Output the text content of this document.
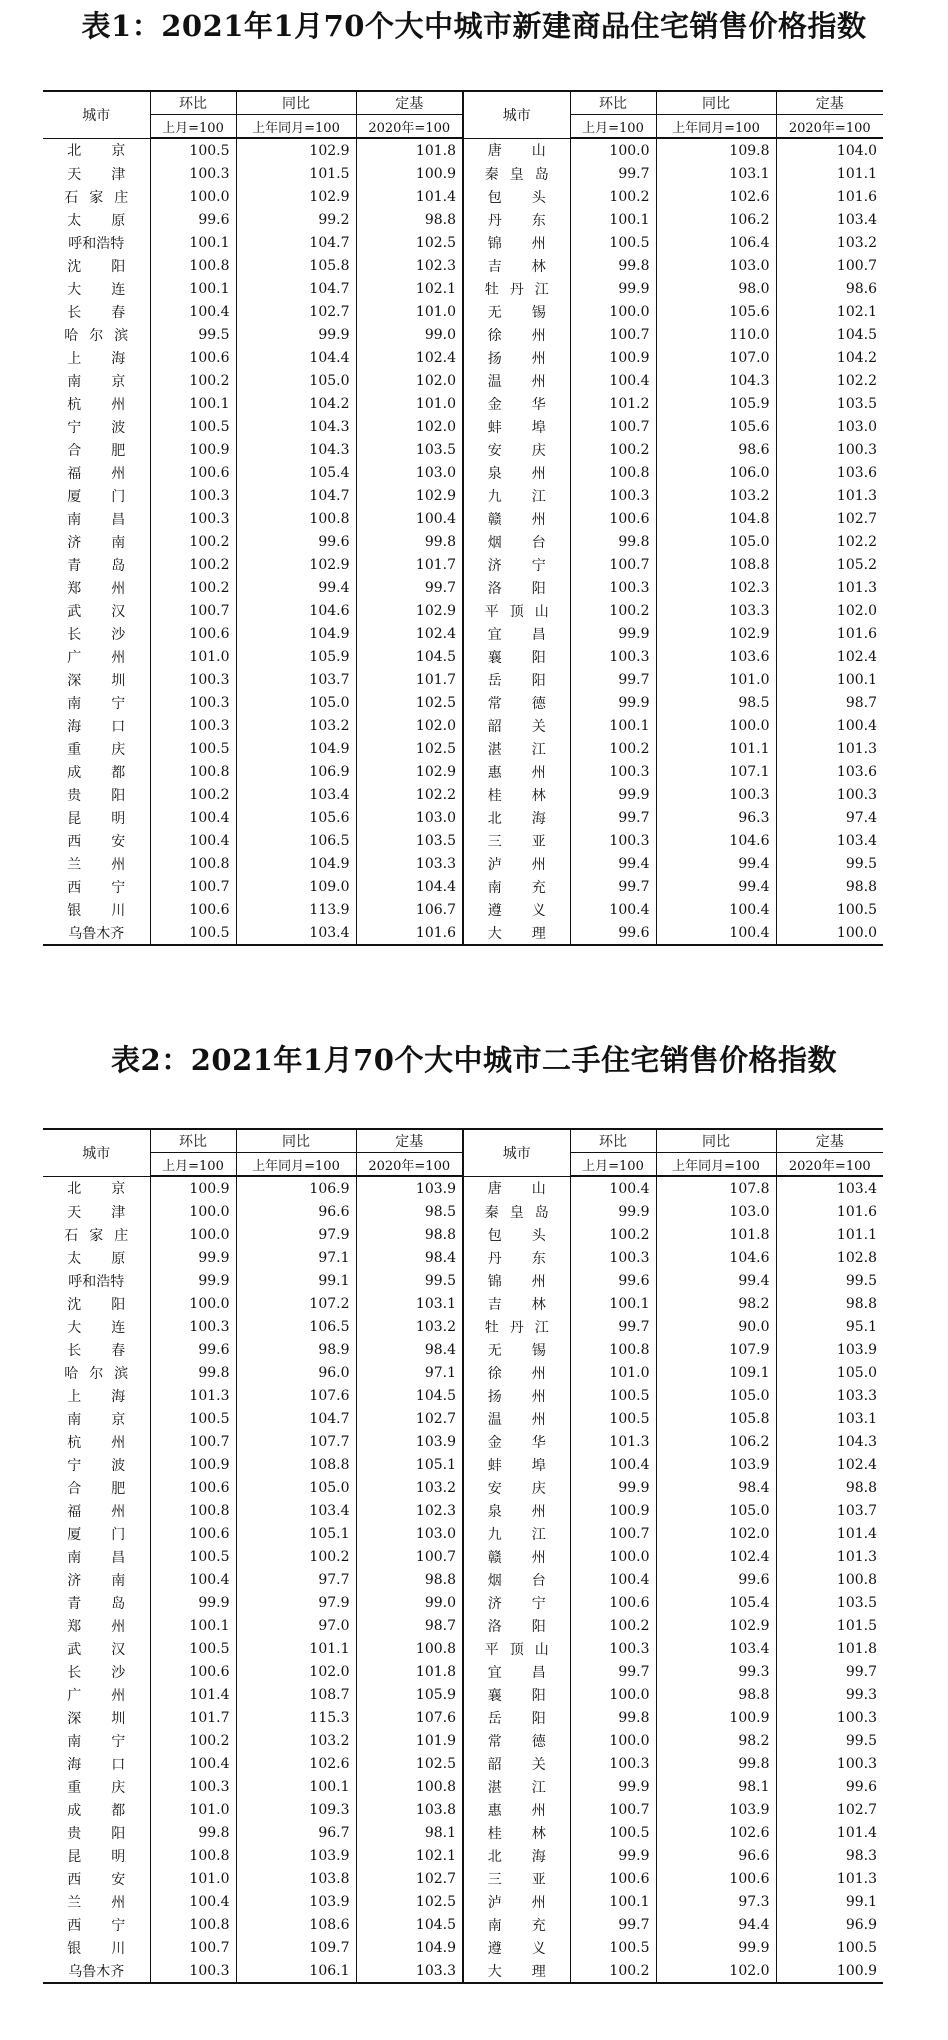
表1：2021年1月70个大中城市新建商品住宅销售价格指数
城市	环比	同比	定基	城市	环比	同比	定基
	上月=100	上年同月=100	2020年=100		上月=100	上年同月=100	2020年=100

北 京	100.5	102.9	101.8	唐 山	100.0	109.8	104.0

天 津	100.3	101.5	100.9	秦 皇 岛	99.7	103.1	101.1

石 家 庄	100.0	102.9	101.4	包 头	100.2	102.6	101.6

太 原	99.6	99.2	98.8	丹 东	100.1	106.2	103.4
呼和浩特	100.1	104.7	102.5	锦 州	100.5	106.4	103.2

沈 阳	100.8	105.8	102.3	吉 林	99.8	103.0	100.7

大 连	100.1	104.7	102.1	牡 丹 江	99.9	98.0	98.6

长 春	100.4	102.7	101.0	无 锡	100.0	105.6	102.1

哈 尔 滨	99.5	99.9	99.0	徐 州	100.7	110.0	104.5

上 海	100.6	104.4	102.4	扬 州	100.9	107.0	104.2

南 京	100.2	105.0	102.0	温 州	100.4	104.3	102.2

杭 州	100.1	104.2	101.0	金 华	101.2	105.9	103.5

宁 波	100.5	104.3	102.0	蚌 埠	100.7	105.6	103.0

合 肥	100.9	104.3	103.5	安 庆	100.2	98.6	100.3

福 州	100.6	105.4	103.0	泉 州	100.8	106.0	103.6

厦 门	100.3	104.7	102.9	九 江	100.3	103.2	101.3

南 昌	100.3	100.8	100.4	赣 州	100.6	104.8	102.7

济 南	100.2	99.6	99.8	烟 台	99.8	105.0	102.2

青 岛	100.2	102.9	101.7	济 宁	100.7	108.8	105.2

郑 州	100.2	99.4	99.7	洛 阳	100.3	102.3	101.3

武 汉	100.7	104.6	102.9	平 顶 山	100.2	103.3	102.0

长 沙	100.6	104.9	102.4	宜 昌	99.9	102.9	101.6

广 州	101.0	105.9	104.5	襄 阳	100.3	103.6	102.4

深 圳	100.3	103.7	101.7	岳 阳	99.7	101.0	100.1

南 宁	100.3	105.0	102.5	常 德	99.9	98.5	98.7

海 口	100.3	103.2	102.0	韶 关	100.1	100.0	100.4

重 庆	100.5	104.9	102.5	湛 江	100.2	101.1	101.3

成 都	100.8	106.9	102.9	惠 州	100.3	107.1	103.6

贵 阳	100.2	103.4	102.2	桂 林	99.9	100.3	100.3

昆 明	100.4	105.6	103.0	北 海	99.7	96.3	97.4

西 安	100.4	106.5	103.5	三 亚	100.3	104.6	103.4

兰 州	100.8	104.9	103.3	泸 州	99.4	99.4	99.5

西 宁	100.7	109.0	104.4	南 充	99.7	99.4	98.8

银 川	100.6	113.9	106.7	遵 义	100.4	100.4	100.5
乌鲁木齐	100.5	103.4	101.6	大 理	99.6	100.4	100.0
表2：2021年1月70个大中城市二手住宅销售价格指数
城市	环比	同比	定基	城市	环比	同比	定基
	上月=100	上年同月=100	2020年=100		上月=100	上年同月=100	2020年=100

北 京	100.9	106.9	103.9	唐 山	100.4	107.8	103.4

天 津	100.0	96.6	98.5	秦 皇 岛	99.9	103.0	101.6

石 家 庄	100.0	97.9	98.8	包 头	100.2	101.8	101.1

太 原	99.9	97.1	98.4	丹 东	100.3	104.6	102.8
呼和浩特	99.9	99.1	99.5	锦 州	99.6	99.4	99.5

沈 阳	100.0	107.2	103.1	吉 林	100.1	98.2	98.8

大 连	100.3	106.5	103.2	牡 丹 江	99.7	90.0	95.1

长 春	99.6	98.9	98.4	无 锡	100.8	107.9	103.9

哈 尔 滨	99.8	96.0	97.1	徐 州	101.0	109.1	105.0

上 海	101.3	107.6	104.5	扬 州	100.5	105.0	103.3

南 京	100.5	104.7	102.7	温 州	100.5	105.8	103.1

杭 州	100.7	107.7	103.9	金 华	101.3	106.2	104.3

宁 波	100.9	108.8	105.1	蚌 埠	100.4	103.9	102.4

合 肥	100.6	105.0	103.2	安 庆	99.9	98.4	98.8

福 州	100.8	103.4	102.3	泉 州	100.9	105.0	103.7

厦 门	100.6	105.1	103.0	九 江	100.7	102.0	101.4

南 昌	100.5	100.2	100.7	赣 州	100.0	102.4	101.3

济 南	100.4	97.7	98.8	烟 台	100.4	99.6	100.8

青 岛	99.9	97.9	99.0	济 宁	100.6	105.4	103.5

郑 州	100.1	97.0	98.7	洛 阳	100.2	102.9	101.5

武 汉	100.5	101.1	100.8	平 顶 山	100.3	103.4	101.8

长 沙	100.6	102.0	101.8	宜 昌	99.7	99.3	99.7

广 州	101.4	108.7	105.9	襄 阳	100.0	98.8	99.3

深 圳	101.7	115.3	107.6	岳 阳	99.8	100.9	100.3

南 宁	100.2	103.2	101.9	常 德	100.0	98.2	99.5

海 口	100.4	102.6	102.5	韶 关	100.3	99.8	100.3

重 庆	100.3	100.1	100.8	湛 江	99.9	98.1	99.6

成 都	101.0	109.3	103.8	惠 州	100.7	103.9	102.7

贵 阳	99.8	96.7	98.1	桂 林	100.5	102.6	101.4

昆 明	100.8	103.9	102.1	北 海	99.9	96.6	98.3

西 安	101.0	103.8	102.7	三 亚	100.6	100.6	101.3

兰 州	100.4	103.9	102.5	泸 州	100.1	97.3	99.1

西 宁	100.8	108.6	104.5	南 充	99.7	94.4	96.9

银 川	100.7	109.7	104.9	遵 义	100.5	99.9	100.5
乌鲁木齐	100.3	106.1	103.3	大 理	100.2	102.0	100.9
